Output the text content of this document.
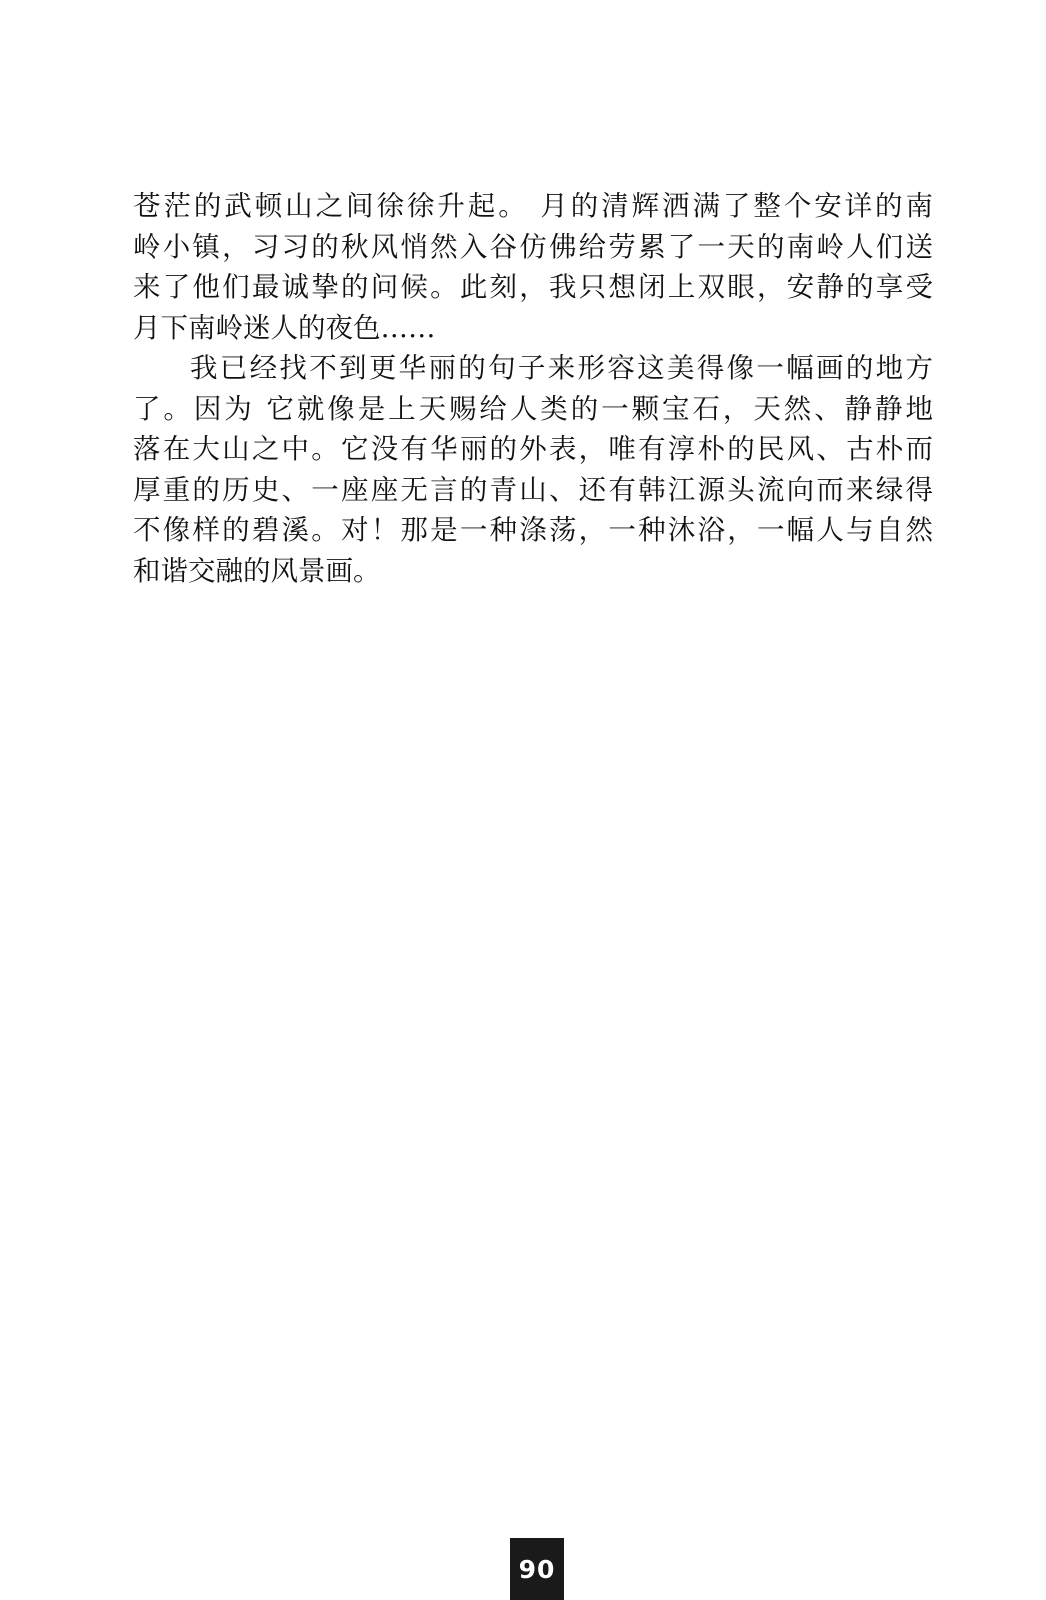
苍茫的武顿山之间徐徐升起。 月的清辉洒满了整个安详的南
岭小镇，习习的秋风悄然入谷仿佛给劳累了一天的南岭人们送
来了他们最诚挚的问候。此刻，我只想闭上双眼，安静的享受
月下南岭迷人的夜色……
我已经找不到更华丽的句子来形容这美得像一幅画的地方
了。因为 它就像是上天赐给人类的一颗宝石，天然、静静地
落在大山之中。它没有华丽的外表，唯有淳朴的民风、古朴而
厚重的历史、一座座无言的青山、还有韩江源头流向而来绿得
不像样的碧溪。对！那是一种涤荡，一种沐浴，一幅人与自然
和谐交融的风景画。
90
